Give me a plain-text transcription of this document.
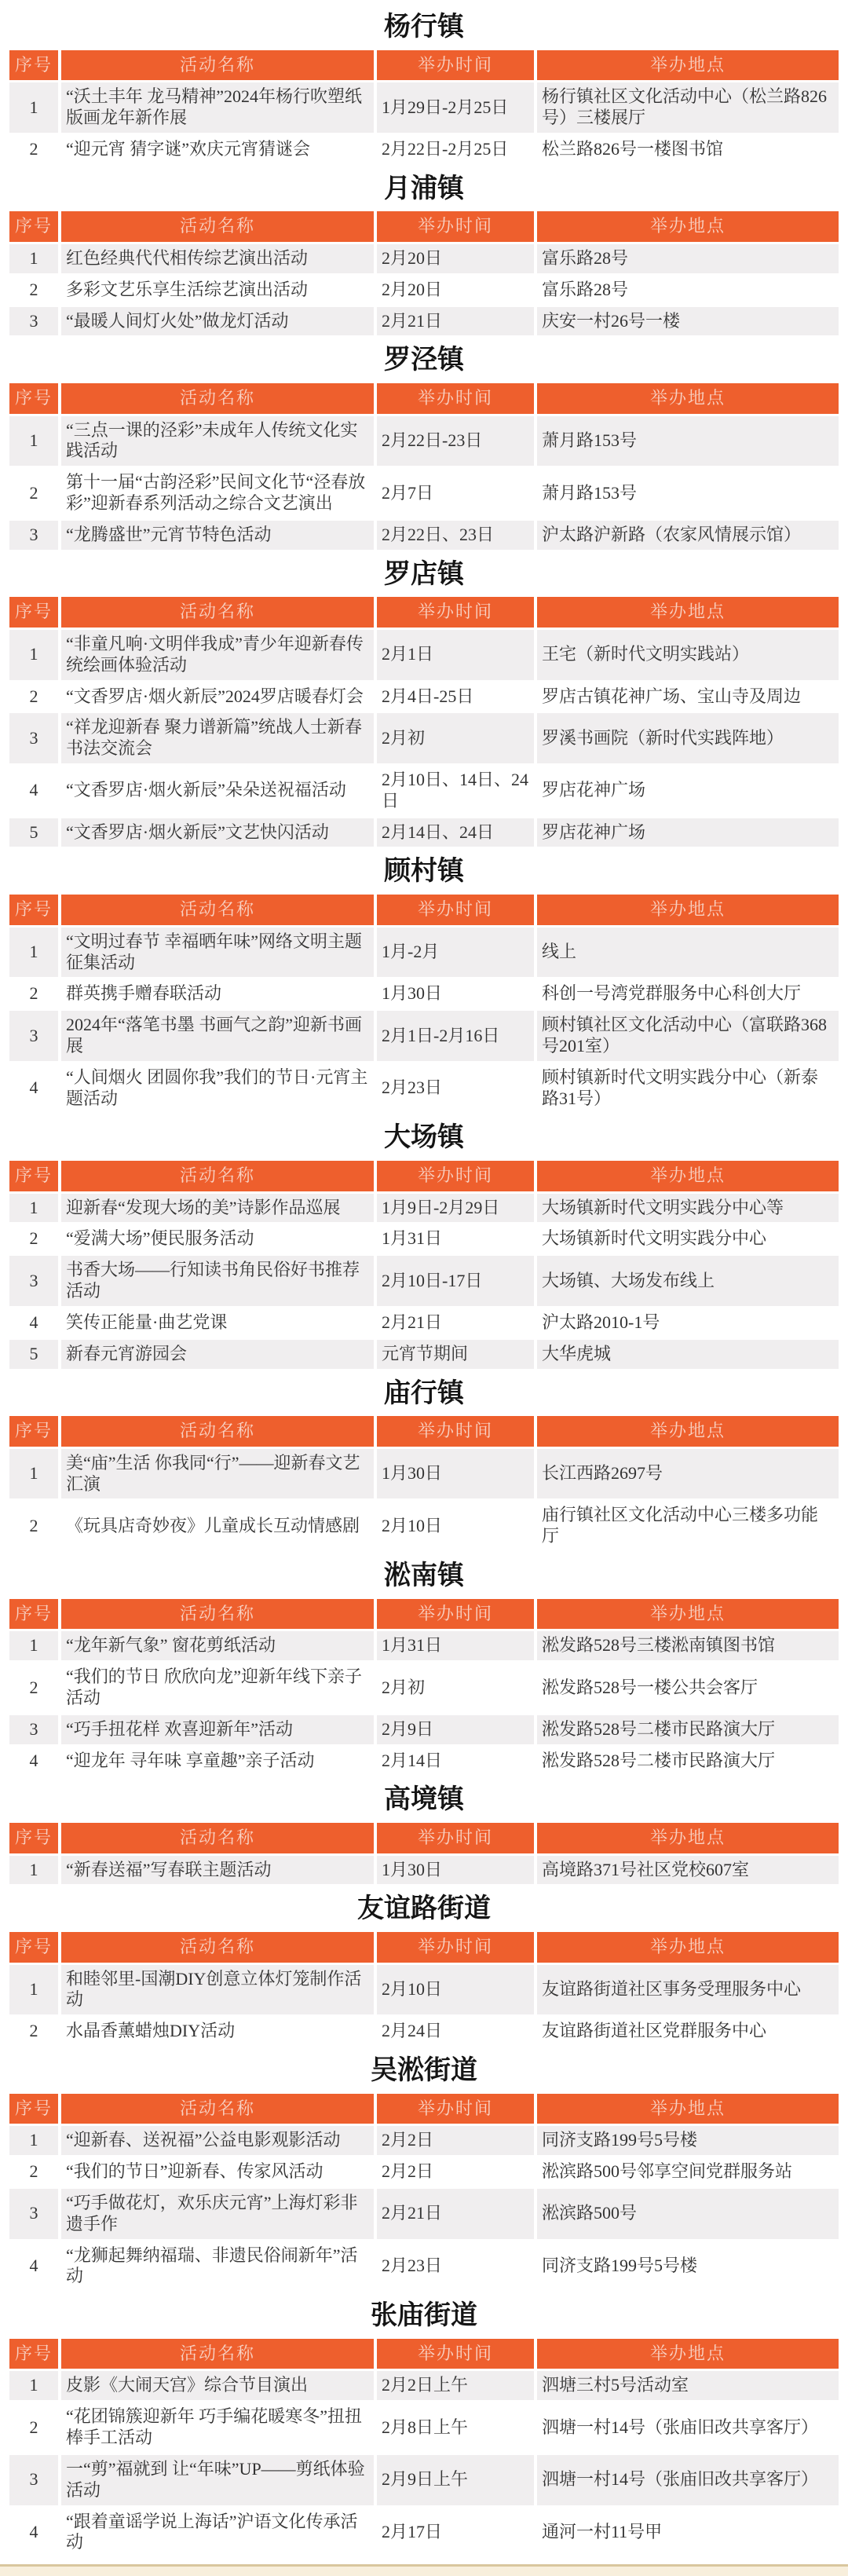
杨行镇
序号	活动名称	举办时间	举办地点
1	“沃土丰年 龙马精神”2024年杨行吹塑纸版画龙年新作展	1月29日-2月25日	杨行镇社区文化活动中心（松兰路826号）三楼展厅
2	“迎元宵 猜字谜”欢庆元宵猜谜会	2月22日-2月25日	松兰路826号一楼图书馆
月浦镇
序号	活动名称	举办时间	举办地点
1	红色经典代代相传综艺演出活动	2月20日	富乐路28号
2	多彩文艺乐享生活综艺演出活动	2月20日	富乐路28号
3	“最暖人间灯火处”做龙灯活动	2月21日	庆安一村26号一楼
罗泾镇
序号	活动名称	举办时间	举办地点
1	“三点一课的泾彩”未成年人传统文化实践活动	2月22日-23日	萧月路153号
2	第十一届“古韵泾彩”民间文化节“泾春放彩”迎新春系列活动之综合文艺演出	2月7日	萧月路153号
3	“龙腾盛世”元宵节特色活动	2月22日、23日	沪太路沪新路（农家风情展示馆）
罗店镇
序号	活动名称	举办时间	举办地点
1	“非童凡响·文明伴我成”青少年迎新春传统绘画体验活动	2月1日	王宅（新时代文明实践站）
2	“文香罗店·烟火新辰”2024罗店暖春灯会	2月4日-25日	罗店古镇花神广场、宝山寺及周边
3	“祥龙迎新春 聚力谱新篇”统战人士新春书法交流会	2月初	罗溪书画院（新时代实践阵地）
4	“文香罗店·烟火新辰”朵朵送祝福活动	2月10日、14日、24日	罗店花神广场
5	“文香罗店·烟火新辰”文艺快闪活动	2月14日、24日	罗店花神广场
顾村镇
序号	活动名称	举办时间	举办地点
1	“文明过春节 幸福晒年味”网络文明主题征集活动	1月-2月	线上
2	群英携手赠春联活动	1月30日	科创一号湾党群服务中心科创大厅
3	2024年“落笔书墨 书画气之韵”迎新书画展	2月1日-2月16日	顾村镇社区文化活动中心（富联路368号201室）
4	“人间烟火 团圆你我”我们的节日·元宵主题活动	2月23日	顾村镇新时代文明实践分中心（新泰路31号）
大场镇
序号	活动名称	举办时间	举办地点
1	迎新春“发现大场的美”诗影作品巡展	1月9日-2月29日	大场镇新时代文明实践分中心等
2	“爱满大场”便民服务活动	1月31日	大场镇新时代文明实践分中心
3	书香大场——行知读书角民俗好书推荐活动	2月10日-17日	大场镇、大场发布线上
4	笑传正能量·曲艺党课	2月21日	沪太路2010-1号
5	新春元宵游园会	元宵节期间	大华虎城
庙行镇
序号	活动名称	举办时间	举办地点
1	美“庙”生活 你我同“行”——迎新春文艺汇演	1月30日	长江西路2697号
2	《玩具店奇妙夜》儿童成长互动情感剧	2月10日	庙行镇社区文化活动中心三楼多功能厅
淞南镇
序号	活动名称	举办时间	举办地点
1	“龙年新气象” 窗花剪纸活动	1月31日	淞发路528号三楼淞南镇图书馆
2	“我们的节日 欣欣向龙”迎新年线下亲子活动	2月初	淞发路528号一楼公共会客厅
3	“巧手扭花样 欢喜迎新年”活动	2月9日	淞发路528号二楼市民路演大厅
4	“迎龙年 寻年味 享童趣”亲子活动	2月14日	淞发路528号二楼市民路演大厅
高境镇
序号	活动名称	举办时间	举办地点
1	“新春送福”写春联主题活动	1月30日	高境路371号社区党校607室
友谊路街道
序号	活动名称	举办时间	举办地点
1	和睦邻里-国潮DIY创意立体灯笼制作活动	2月10日	友谊路街道社区事务受理服务中心
2	水晶香薰蜡烛DIY活动	2月24日	友谊路街道社区党群服务中心
吴淞街道
序号	活动名称	举办时间	举办地点
1	“迎新春、送祝福”公益电影观影活动	2月2日	同济支路199号5号楼
2	“我们的节日”迎新春、传家风活动	2月2日	淞滨路500号邻享空间党群服务站
3	“巧手做花灯，欢乐庆元宵”上海灯彩非遗手作	2月21日	淞滨路500号
4	“龙狮起舞纳福瑞、非遗民俗闹新年”活动	2月23日	同济支路199号5号楼
张庙街道
序号	活动名称	举办时间	举办地点
1	皮影《大闹天宫》综合节目演出	2月2日上午	泗塘三村5号活动室
2	“花团锦簇迎新年 巧手编花暖寒冬”扭扭棒手工活动	2月8日上午	泗塘一村14号（张庙旧改共享客厅）
3	一“剪”福就到 让“年味”UP——剪纸体验活动	2月9日上午	泗塘一村14号（张庙旧改共享客厅）
4	“跟着童谣学说上海话”沪语文化传承活动	2月17日	通河一村11号甲
